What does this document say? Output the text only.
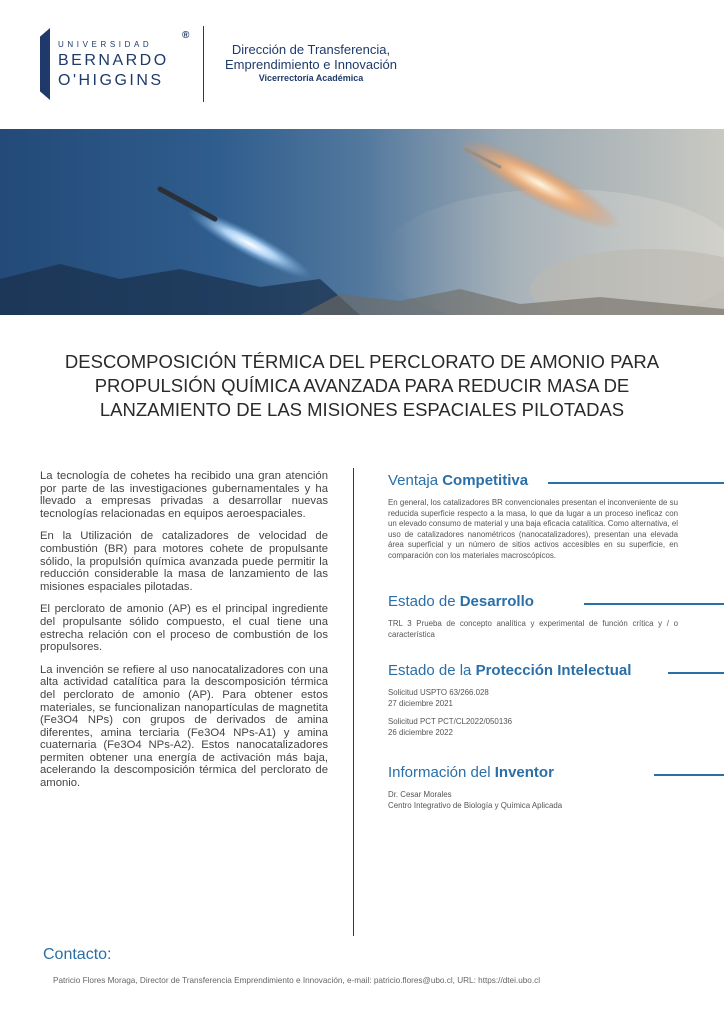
UNIVERSIDAD
®
BERNARDO
O'HIGGINS
Dirección de Transferencia,
Emprendimiento e Innovación
Vicerrectoría Académica
DESCOMPOSICIÓN TÉRMICA DEL PERCLORATO DE AMONIO PARA PROPULSIÓN QUÍMICA AVANZADA PARA REDUCIR MASA DE LANZAMIENTO DE LAS MISIONES ESPACIALES PILOTADAS

La tecnología de cohetes ha recibido una gran atención por parte de las investigaciones gubernamentales y ha llevado a empresas privadas a desarrollar nuevas tecnologías relacionadas en equipos aeroespaciales.

En la Utilización de catalizadores de velocidad de combustión (BR) para motores cohete de propulsante sólido, la propulsión química avanzada puede permitir la reducción considerable la masa de lanzamiento de las misiones espaciales pilotadas.

El perclorato de amonio (AP) es el principal ingrediente del propulsante sólido compuesto, el cual tiene una estrecha relación con el proceso de combustión de los propulsores.

La invención se refiere al uso nanocatalizadores con una alta actividad catalítica para la descomposición térmica del perclorato de amonio (AP). Para obtener estos materiales, se funcionalizan nanopartículas de magnetita (Fe3O4 NPs) con grupos de derivados de amina diferentes, amina terciaria (Fe3O4 NPs-A1) y amina cuaternaria (Fe3O4 NPs-A2). Estos nanocatalizadores permiten obtener una energía de activación más baja, acelerando la descomposición térmica del perclorato de amonio.

Ventaja Competitiva

En general, los catalizadores BR convencionales presentan el inconveniente de su reducida superficie respecto a la masa, lo que da lugar a un proceso ineficaz con un elevado consumo de material y una baja eficacia catalítica. Como alternativa, el uso de catalizadores nanométricos (nanocatalizadores), presentan una elevada área superficial y un número de sitios activos accesibles en su superficie, en comparación con los materiales macroscópicos.

Estado de Desarrollo

TRL 3 Prueba de concepto analítica y experimental de función crítica y / o característica

Estado de la Protección Intelectual

Solicitud USPTO 63/266.028
27 diciembre 2021

Solicitud PCT PCT/CL2022/050136
26 diciembre 2022

Información del Inventor

Dr. Cesar Morales
Centro Integrativo de Biología y Química Aplicada

Contacto:
Patricio Flores Moraga, Director de Transferencia Emprendimiento e Innovación, e-mail: patricio.flores@ubo.cl, URL: https://dtei.ubo.cl
